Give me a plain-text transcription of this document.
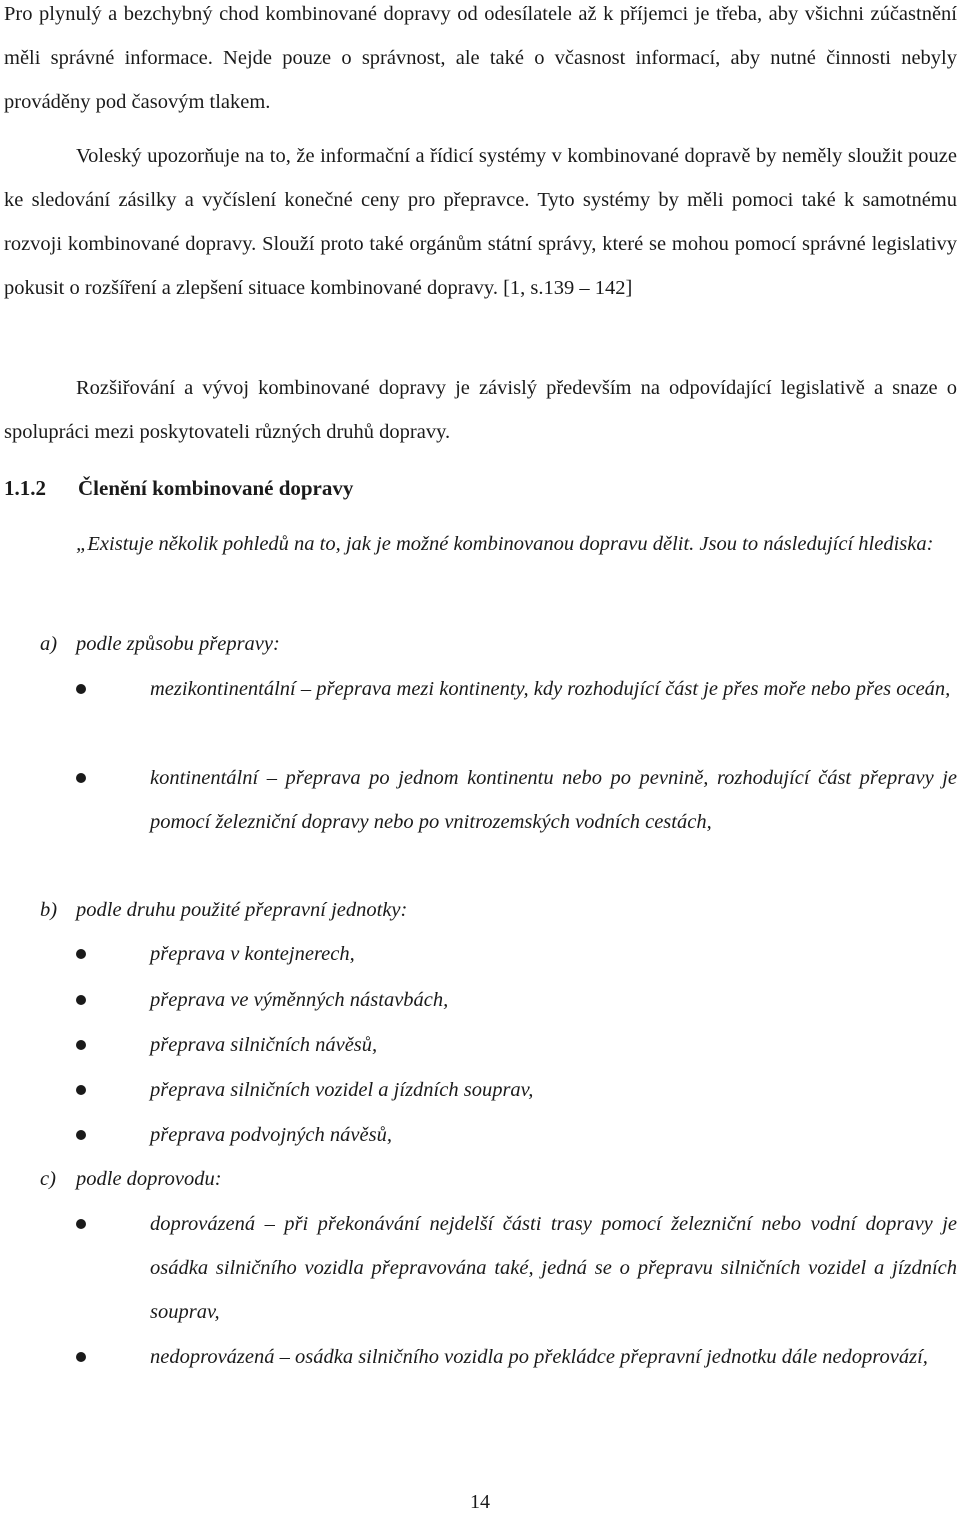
Pro plynulý a bezchybný chod kombinované dopravy od odesílatele až k příjemci je třeba, aby všichni zúčastnění měli správné informace. Nejde pouze o správnost, ale také o včasnost informací, aby nutné činnosti nebyly prováděny pod časovým tlakem.

Voleský upozorňuje na to, že informační a řídicí systémy v kombinované dopravě by neměly sloužit pouze ke sledování zásilky a vyčíslení konečné ceny pro přepravce. Tyto systémy by měli pomoci také k samotnému rozvoji kombinované dopravy. Slouží proto také orgánům státní správy, které se mohou pomocí správné legislativy pokusit o rozšíření a zlepšení situace kombinované dopravy. [1, s.139 – 142]

Rozšiřování a vývoj kombinované dopravy je závislý především na odpovídající legislativě a snaze o spolupráci mezi poskytovateli různých druhů dopravy.

1.1.2 Členění kombinované dopravy

„Existuje několik pohledů na to, jak je možné kombinovanou dopravu dělit. Jsou to následující hlediska:

a) podle způsobu přepravy:

mezikontinentální – přeprava mezi kontinenty, kdy rozhodující část je přes moře nebo přes oceán,

kontinentální – přeprava po jednom kontinentu nebo po pevnině, rozhodující část přepravy je pomocí železniční dopravy nebo po vnitrozemských vodních cestách,

b) podle druhu použité přepravní jednotky:

přeprava v kontejnerech,

přeprava ve výměnných nástavbách,

přeprava silničních návěsů,

přeprava silničních vozidel a jízdních souprav,

přeprava podvojných návěsů,

c) podle doprovodu:

doprovázená – při překonávání nejdelší části trasy pomocí železniční nebo vodní dopravy je osádka silničního vozidla přepravována také, jedná se o přepravu silničních vozidel a jízdních souprav,

nedoprovázená – osádka silničního vozidla po překládce přepravní jednotku dále nedoprovází,

14
